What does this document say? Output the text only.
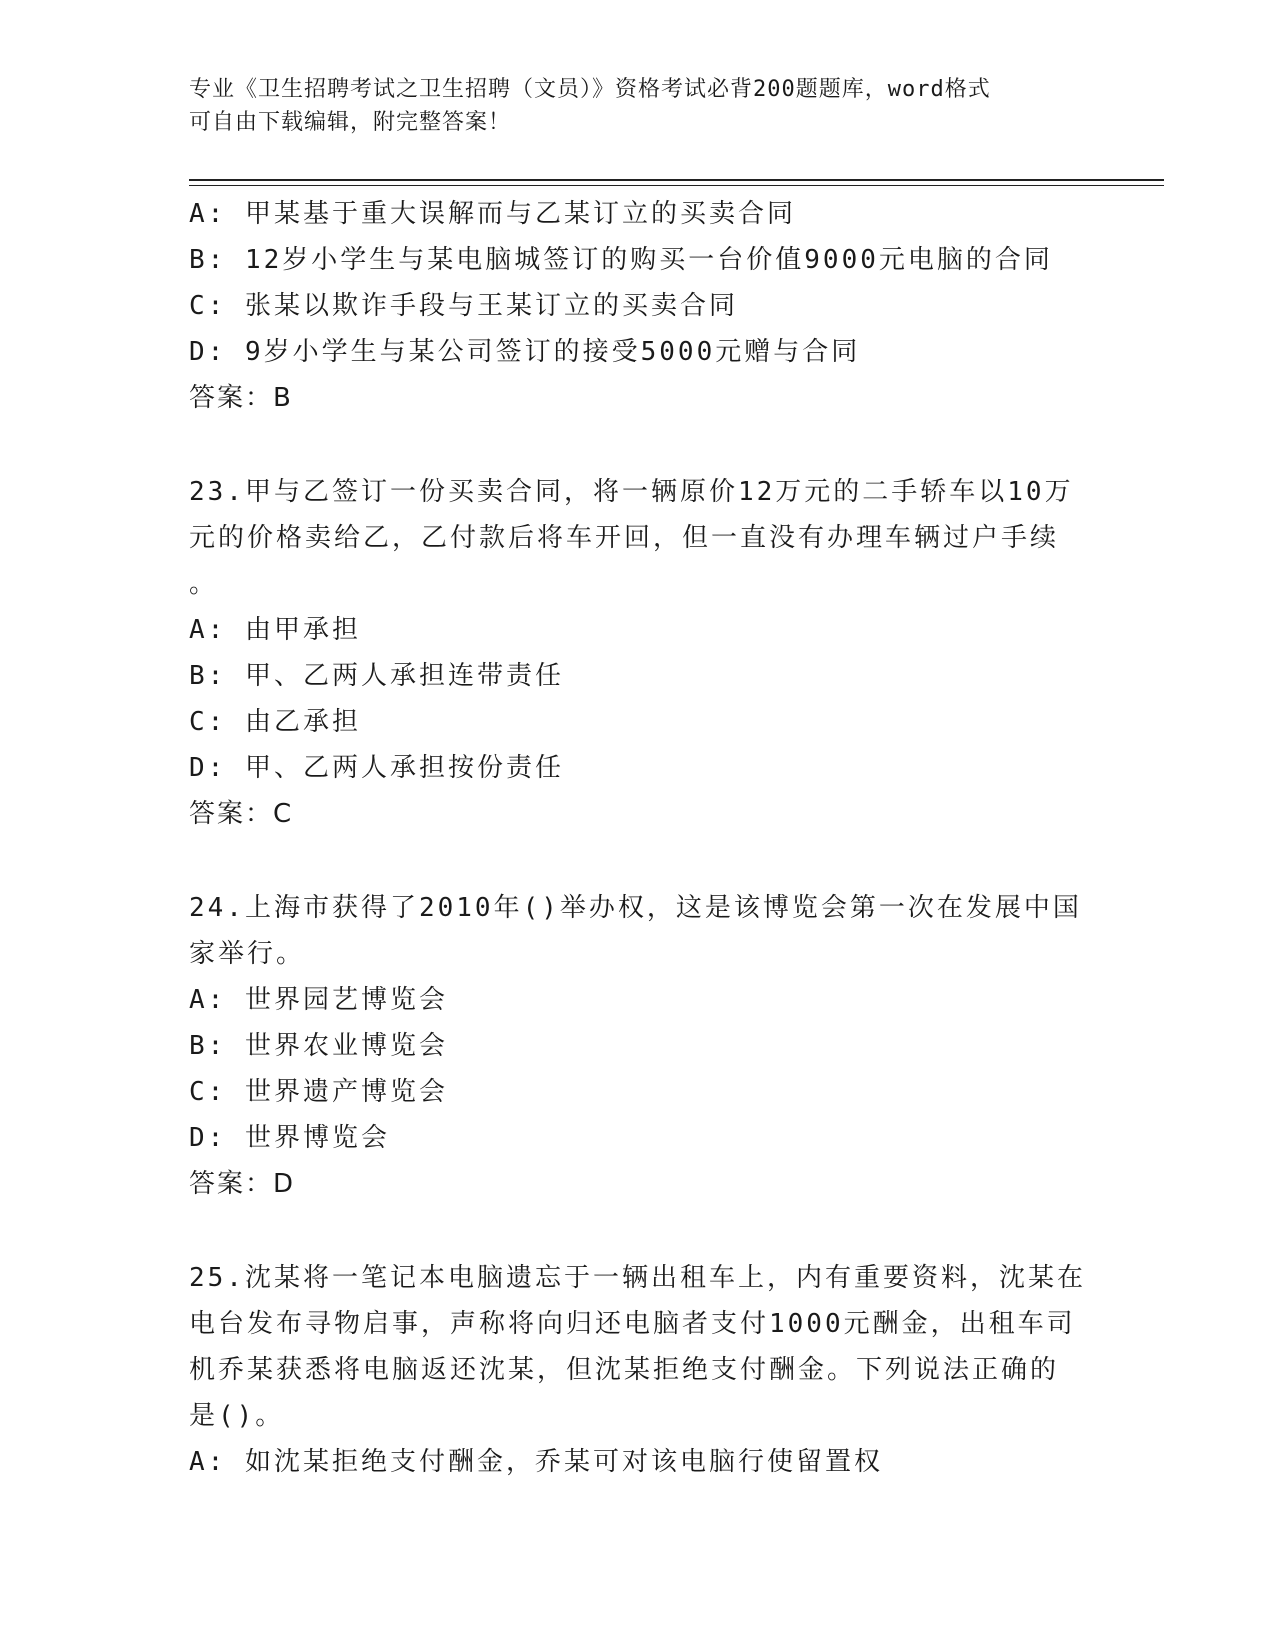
专业《卫生招聘考试之卫生招聘（文员）》资格考试必背200题题库，word格式
可自由下载编辑，附完整答案！
A: 甲某基于重大误解而与乙某订立的买卖合同
B: 12岁小学生与某电脑城签订的购买一台价值9000元电脑的合同
C: 张某以欺诈手段与王某订立的买卖合同
D: 9岁小学生与某公司签订的接受5000元赠与合同
答案：B
23.甲与乙签订一份买卖合同，将一辆原价12万元的二手轿车以10万
元的价格卖给乙，乙付款后将车开回，但一直没有办理车辆过户手续
。
A: 由甲承担
B: 甲、乙两人承担连带责任
C: 由乙承担
D: 甲、乙两人承担按份责任
答案：C
24.上海市获得了2010年()举办权，这是该博览会第一次在发展中国
家举行。
A: 世界园艺博览会
B: 世界农业博览会
C: 世界遗产博览会
D: 世界博览会
答案：D
25.沈某将一笔记本电脑遗忘于一辆出租车上，内有重要资料，沈某在
电台发布寻物启事，声称将向归还电脑者支付1000元酬金，出租车司
机乔某获悉将电脑返还沈某，但沈某拒绝支付酬金。下列说法正确的
是()。
A: 如沈某拒绝支付酬金，乔某可对该电脑行使留置权
